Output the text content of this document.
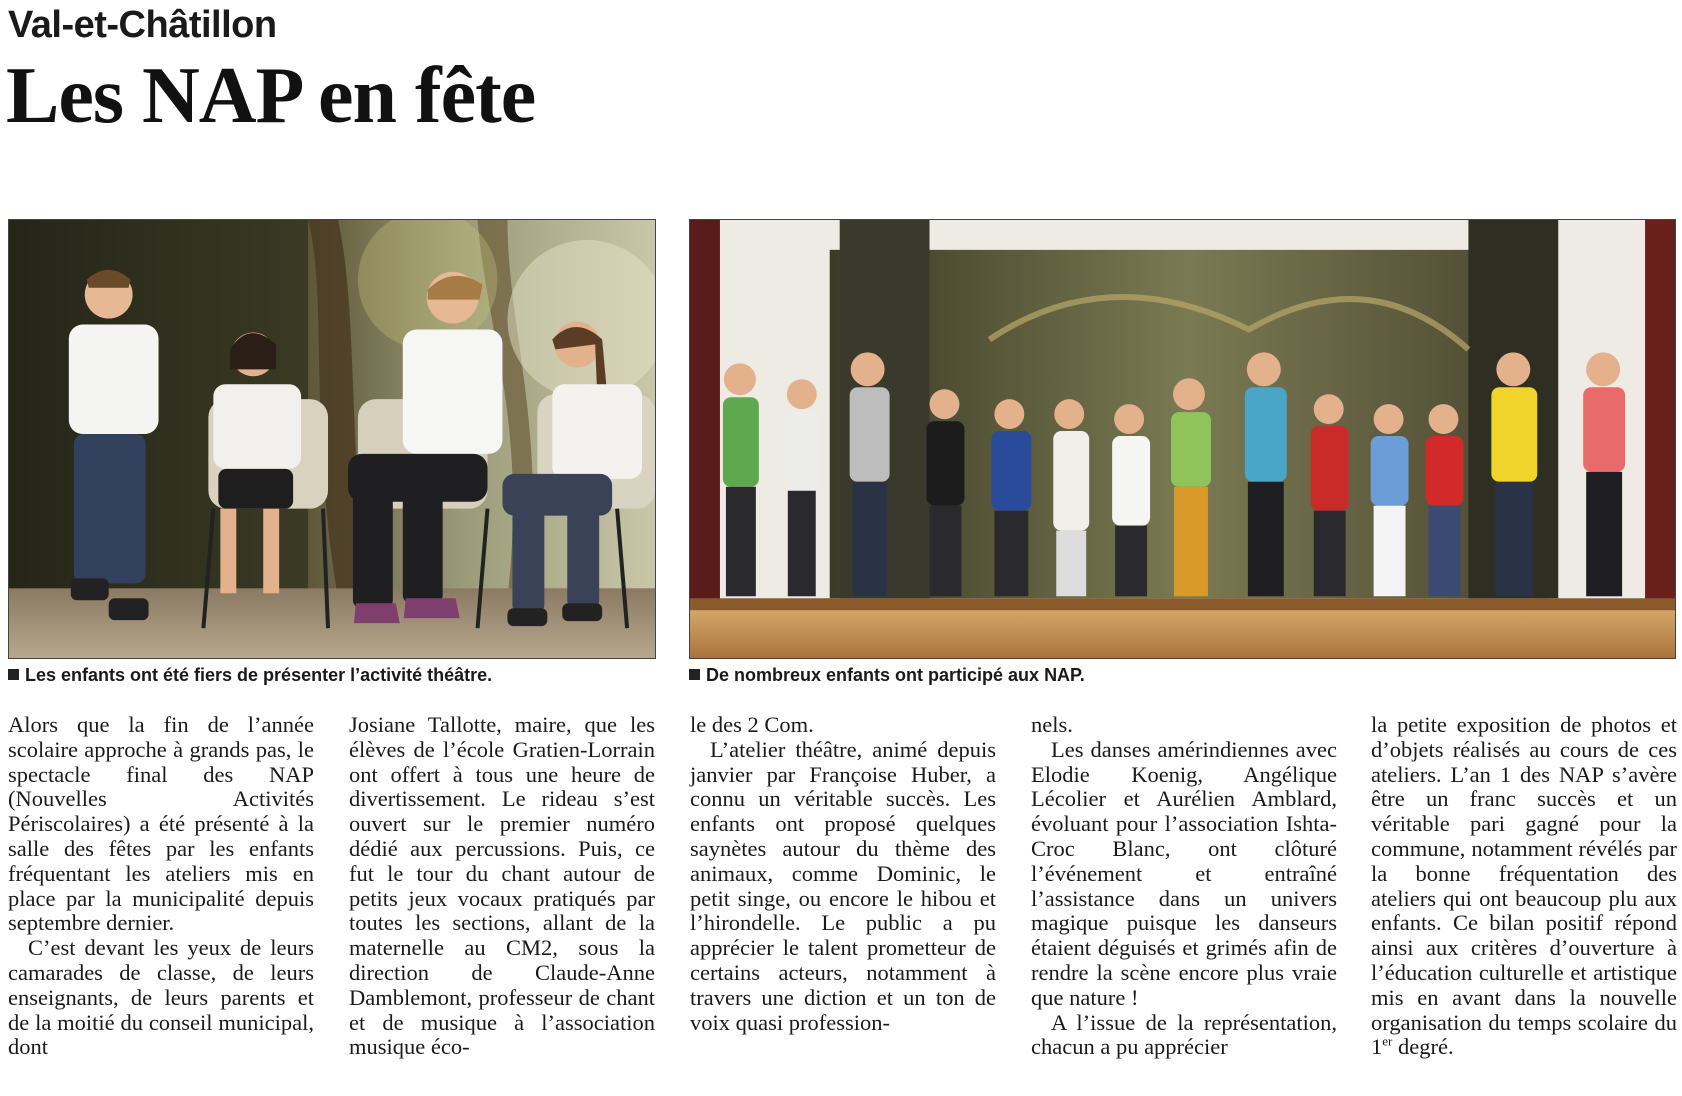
Val-et-Châtillon
Les NAP en fête
Les enfants ont été fiers de présenter l’activité théâtre.	De nombreux enfants ont participé aux NAP.

Alors que la fin de l’année scolaire approche à grands pas, le spectacle final des NAP (Nouvelles Activités Périscolaires) a été présenté à la salle des fêtes par les enfants fréquentant les ateliers mis en place par la municipalité depuis septembre dernier.

C’est devant les yeux de leurs camarades de classe, de leurs enseignants, de leurs parents et de la moitié du conseil municipal, dont

Josiane Tallotte, maire, que les élèves de l’école Gratien-Lorrain ont offert à tous une heure de divertissement. Le rideau s’est ouvert sur le premier numéro dédié aux percussions. Puis, ce fut le tour du chant autour de petits jeux vocaux pratiqués par toutes les sections, allant de la maternelle au CM2, sous la direction de Claude-Anne Damblemont, professeur de chant et de musique à l’association musique éco-

le des 2 Com.

L’atelier théâtre, animé depuis janvier par Françoise Huber, a connu un véritable succès. Les enfants ont proposé quelques saynètes autour du thème des animaux, comme Dominic, le petit singe, ou encore le hibou et l’hirondelle. Le public a pu apprécier le talent prometteur de certains acteurs, notamment à travers une diction et un ton de voix quasi profession-

nels.

Les danses amérindiennes avec Elodie Koenig, Angélique Lécolier et Aurélien Amblard, évoluant pour l’association Ishta-Croc Blanc, ont clôturé l’événement et entraîné l’assistance dans un univers magique puisque les danseurs étaient déguisés et grimés afin de rendre la scène encore plus vraie que nature !

A l’issue de la représentation, chacun a pu apprécier

la petite exposition de photos et d’objets réalisés au cours de ces ateliers. L’an 1 des NAP s’avère être un franc succès et un véritable pari gagné pour la commune, notamment révélés par la bonne fréquentation des ateliers qui ont beaucoup plu aux enfants. Ce bilan positif répond ainsi aux critères d’ouverture à l’éducation culturelle et artistique mis en avant dans la nouvelle organisation du temps scolaire du 1er degré.
